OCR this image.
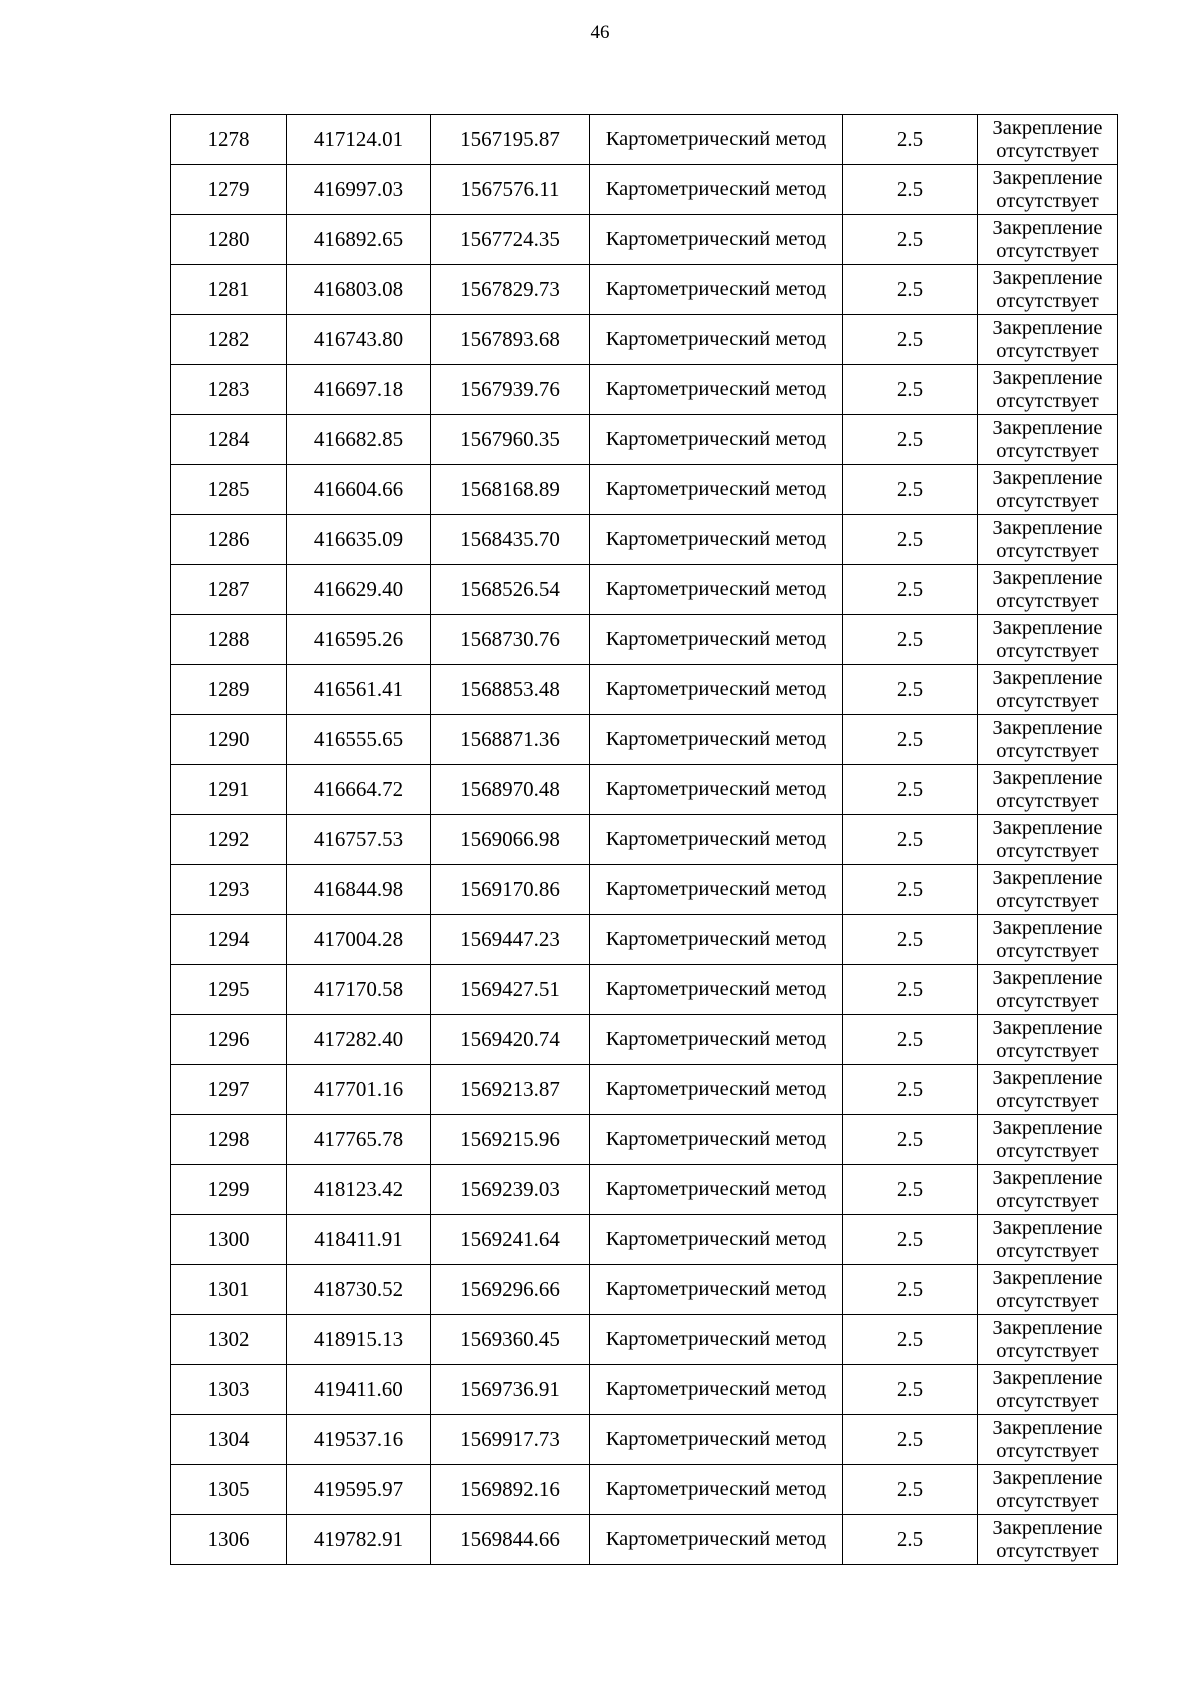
46
1278	417124.01	1567195.87	Картометрический метод	2.5	Закрепление
отсутствует

1279	416997.03	1567576.11	Картометрический метод	2.5	Закрепление
отсутствует

1280	416892.65	1567724.35	Картометрический метод	2.5	Закрепление
отсутствует

1281	416803.08	1567829.73	Картометрический метод	2.5	Закрепление
отсутствует

1282	416743.80	1567893.68	Картометрический метод	2.5	Закрепление
отсутствует

1283	416697.18	1567939.76	Картометрический метод	2.5	Закрепление
отсутствует

1284	416682.85	1567960.35	Картометрический метод	2.5	Закрепление
отсутствует

1285	416604.66	1568168.89	Картометрический метод	2.5	Закрепление
отсутствует

1286	416635.09	1568435.70	Картометрический метод	2.5	Закрепление
отсутствует

1287	416629.40	1568526.54	Картометрический метод	2.5	Закрепление
отсутствует

1288	416595.26	1568730.76	Картометрический метод	2.5	Закрепление
отсутствует

1289	416561.41	1568853.48	Картометрический метод	2.5	Закрепление
отсутствует

1290	416555.65	1568871.36	Картометрический метод	2.5	Закрепление
отсутствует

1291	416664.72	1568970.48	Картометрический метод	2.5	Закрепление
отсутствует

1292	416757.53	1569066.98	Картометрический метод	2.5	Закрепление
отсутствует

1293	416844.98	1569170.86	Картометрический метод	2.5	Закрепление
отсутствует

1294	417004.28	1569447.23	Картометрический метод	2.5	Закрепление
отсутствует

1295	417170.58	1569427.51	Картометрический метод	2.5	Закрепление
отсутствует

1296	417282.40	1569420.74	Картометрический метод	2.5	Закрепление
отсутствует

1297	417701.16	1569213.87	Картометрический метод	2.5	Закрепление
отсутствует

1298	417765.78	1569215.96	Картометрический метод	2.5	Закрепление
отсутствует

1299	418123.42	1569239.03	Картометрический метод	2.5	Закрепление
отсутствует

1300	418411.91	1569241.64	Картометрический метод	2.5	Закрепление
отсутствует

1301	418730.52	1569296.66	Картометрический метод	2.5	Закрепление
отсутствует

1302	418915.13	1569360.45	Картометрический метод	2.5	Закрепление
отсутствует

1303	419411.60	1569736.91	Картометрический метод	2.5	Закрепление
отсутствует

1304	419537.16	1569917.73	Картометрический метод	2.5	Закрепление
отсутствует

1305	419595.97	1569892.16	Картометрический метод	2.5	Закрепление
отсутствует

1306	419782.91	1569844.66	Картометрический метод	2.5	Закрепление
отсутствует
